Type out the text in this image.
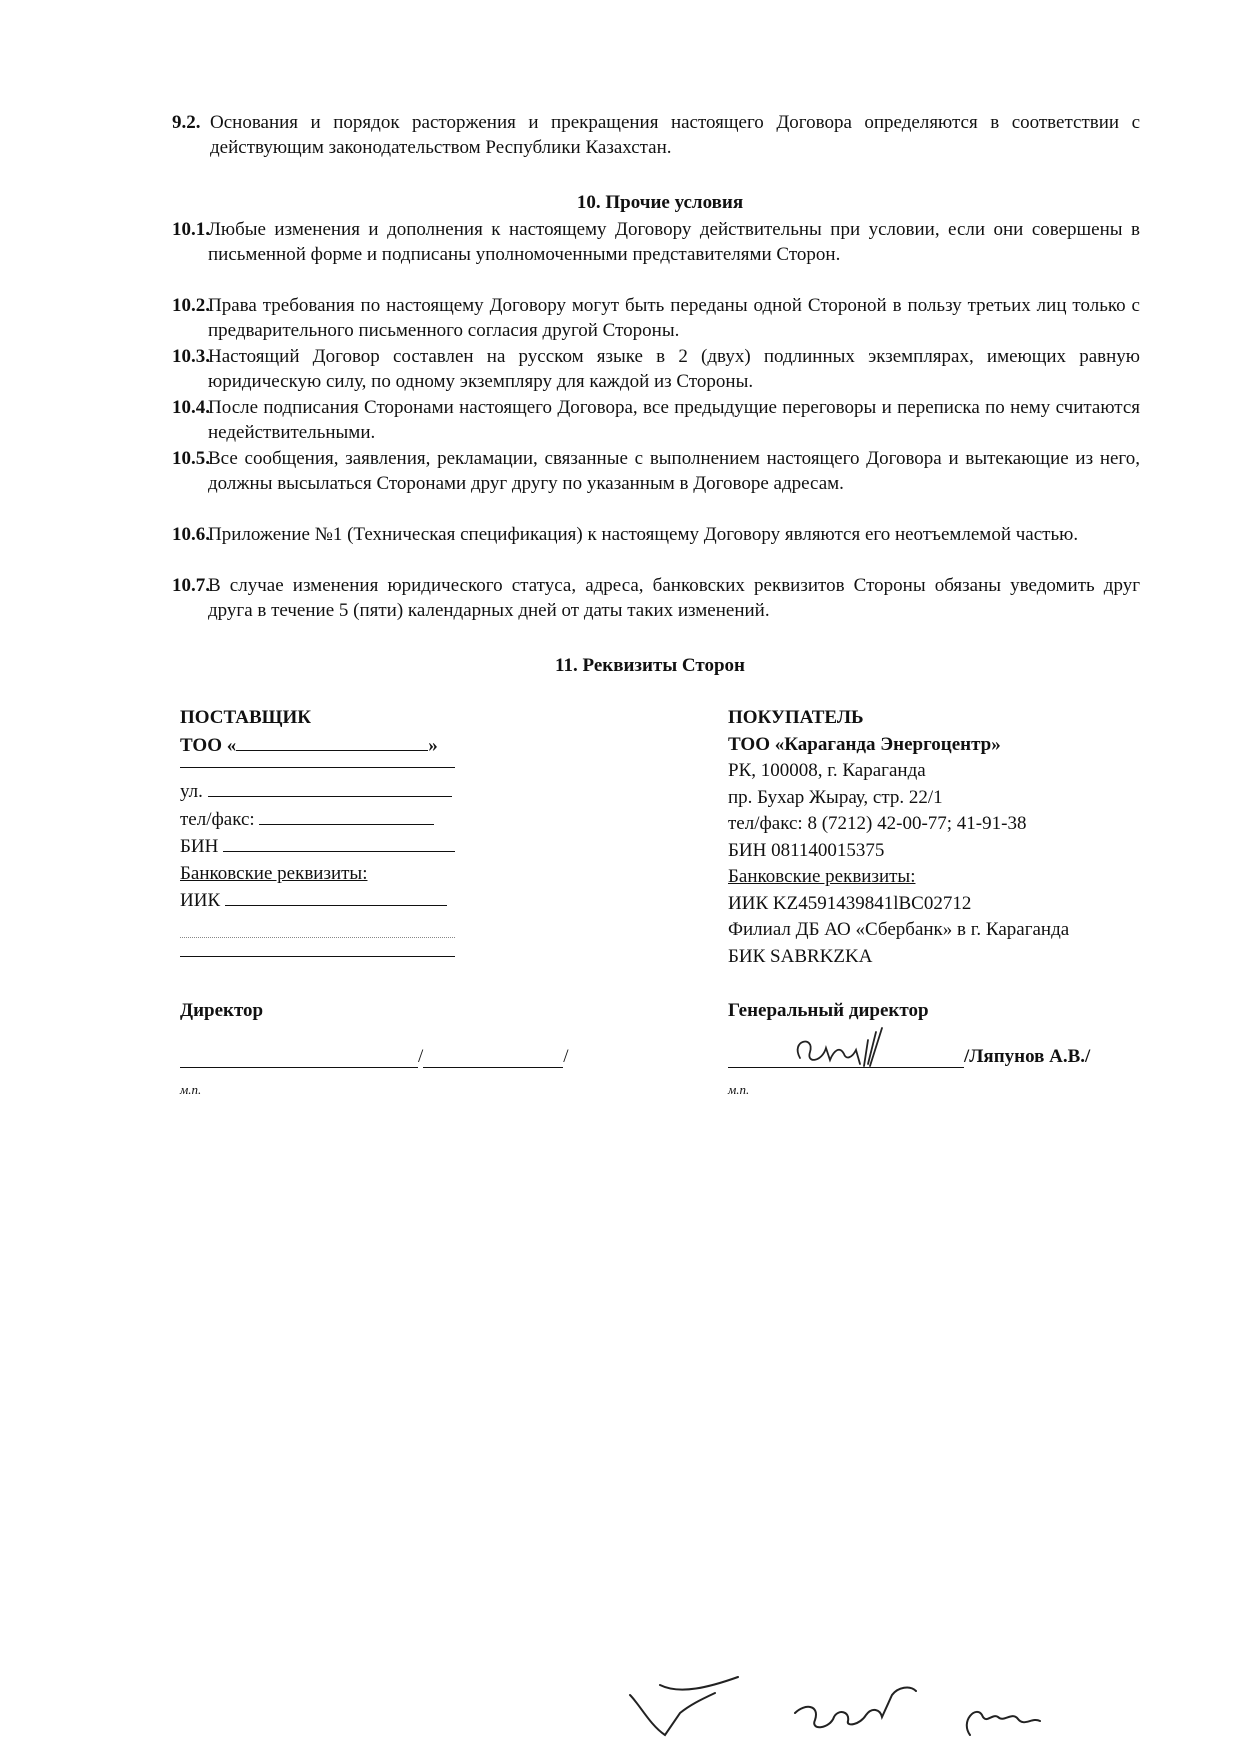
9.2. Основания и порядок расторжения и прекращения настоящего Договора определяются в соответствии с действующим законодательством Республики Казахстан.
10. Прочие условия
10.1.
Любые изменения и дополнения к настоящему Договору действительны при условии, если они совершены в письменной форме и подписаны уполномоченными представителями Сторон.
10.2.
Права требования по настоящему Договору могут быть переданы одной Стороной в пользу третьих лиц только с предварительного письменного согласия другой Стороны.
10.3.
Настоящий Договор составлен на русском языке в 2 (двух) подлинных экземплярах, имеющих равную юридическую силу, по одному экземпляру для каждой из Стороны.
10.4.
После подписания Сторонами настоящего Договора, все предыдущие переговоры и переписка по нему считаются недействительными.
10.5.
Все сообщения, заявления, рекламации, связанные с выполнением настоящего Договора и вытекающие из него, должны высылаться Сторонами друг другу по указанным в Договоре адресам.
10.6.
Приложение №1 (Техническая спецификация) к настоящему Договору являются его неотъемлемой частью.
10.7.
В случае изменения юридического статуса, адреса, банковских реквизитов Стороны обязаны уведомить друг друга в течение 5 (пяти) календарных дней от даты таких изменений.
11. Реквизиты Сторон
ПОСТАВЩИК
ТОО «	»
ул.
тел/факс:
БИН
Банковские реквизиты:
ИИК
ПОКУПАТЕЛЬ
ТОО «Караганда Энергоцентр»
РК, 100008, г. Караганда
пр. Бухар Жырау, стр. 22/1
тел/факс: 8 (7212) 42-00-77; 41-91-38
БИН 081140015375
Банковские реквизиты:
ИИК KZ4591439841lBC02712
Филиал ДБ АО «Сбербанк» в г. Караганда
БИК SABRKZKA
Директор	Генеральный директор
/	/	/Ляпунов А.В./
м.п.	м.п.
